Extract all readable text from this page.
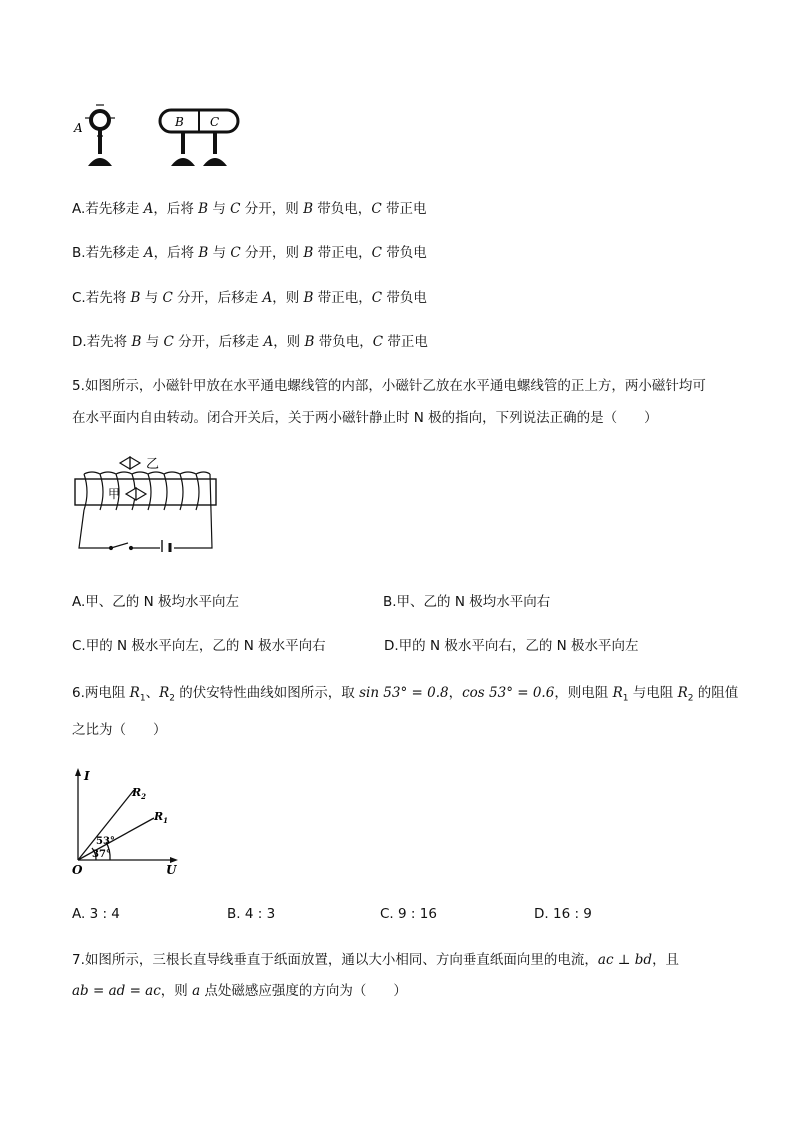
A	B C
A.若先移走 A，后将 B 与 C 分开，则 B 带负电，C 带正电
B.若先移走 A，后将 B 与 C 分开，则 B 带正电，C 带负电
C.若先将 B 与 C 分开，后移走 A，则 B 带正电，C 带负电
D.若先将 B 与 C 分开，后移走 A，则 B 带负电，C 带正电
5.如图所示，小磁针甲放在水平通电螺线管的内部，小磁针乙放在水平通电螺线管的正上方，两小磁针均可
在水平面内自由转动。闭合开关后，关于两小磁针静止时 N 极的指向，下列说法正确的是（　　）
乙
甲
A.甲、乙的 N 极均水平向左	B.甲、乙的 N 极均水平向右
C.甲的 N 极水平向左，乙的 N 极水平向右	D.甲的 N 极水平向右，乙的 N 极水平向左
6.两电阻 $R_1$、$R_2$ 的伏安特性曲线如图所示，取 sin 53° = 0.8，cos 53° = 0.6，则电阻 $R_1$ 与电阻 $R_2$ 的阻值
之比为（　　）
I
U
O
$R_2$
$R_1$
53°
37°
A. 3 : 4	B. 4 : 3	C. 9 : 16	D. 16 : 9
7.如图所示，三根长直导线垂直于纸面放置，通以大小相同、方向垂直纸面向里的电流，ac ⊥ bd，且
ab = ad = ac，则 a 点处磁感应强度的方向为（　　）
